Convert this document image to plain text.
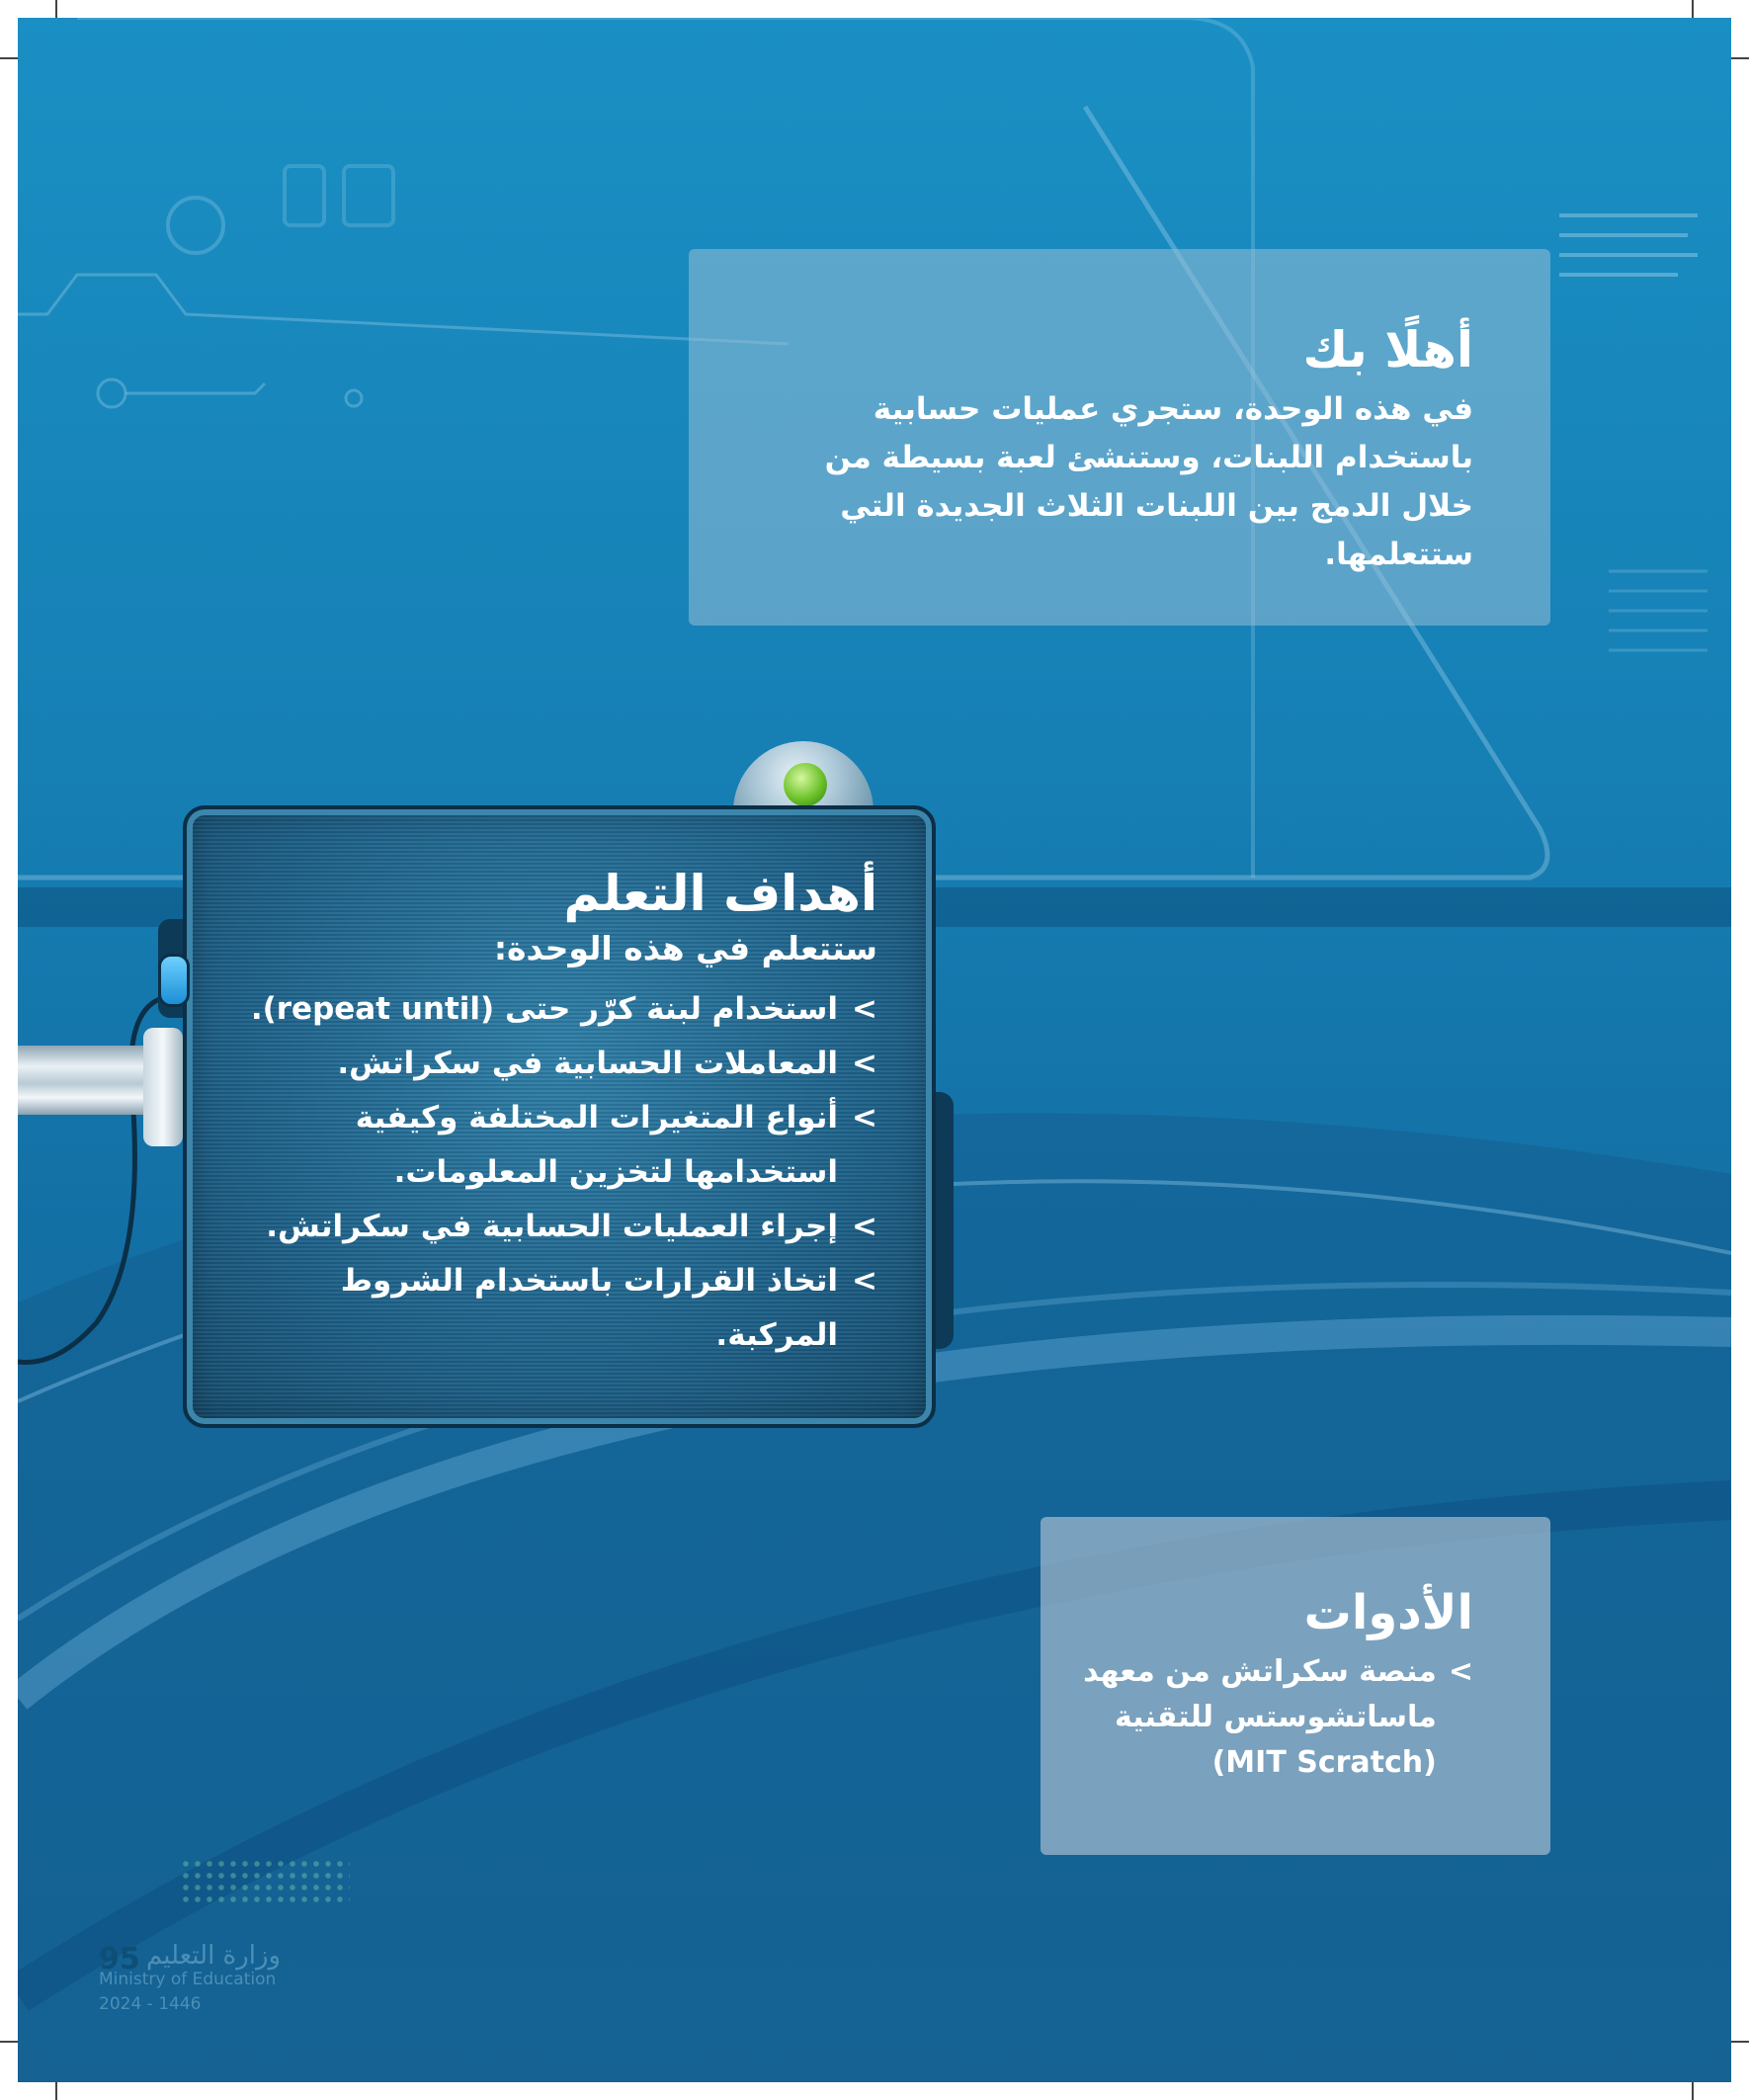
أهلًا بك

في هذه الوحدة، ستجري عمليات حسابية باستخدام اللبنات، وستنشئ لعبة بسيطة من خلال الدمج بين اللبنات الثلاث الجديدة التي ستتعلمها.

أهداف التعلم

ستتعلم في هذه الوحدة:

>
استخدام لبنة كرّر حتى (repeat until).
>
المعاملات الحسابية في سكراتش.
>
أنواع المتغيرات المختلفة وكيفية استخدامها لتخزين المعلومات.
>
إجراء العمليات الحسابية في سكراتش.
>
اتخاذ القرارات باستخدام الشروط المركبة.
الأدوات
>
منصة سكراتش من معهد ماساتشوستس للتقنية (MIT Scratch)
95 وزارة التعليم
Ministry of Education
2024 - 1446
